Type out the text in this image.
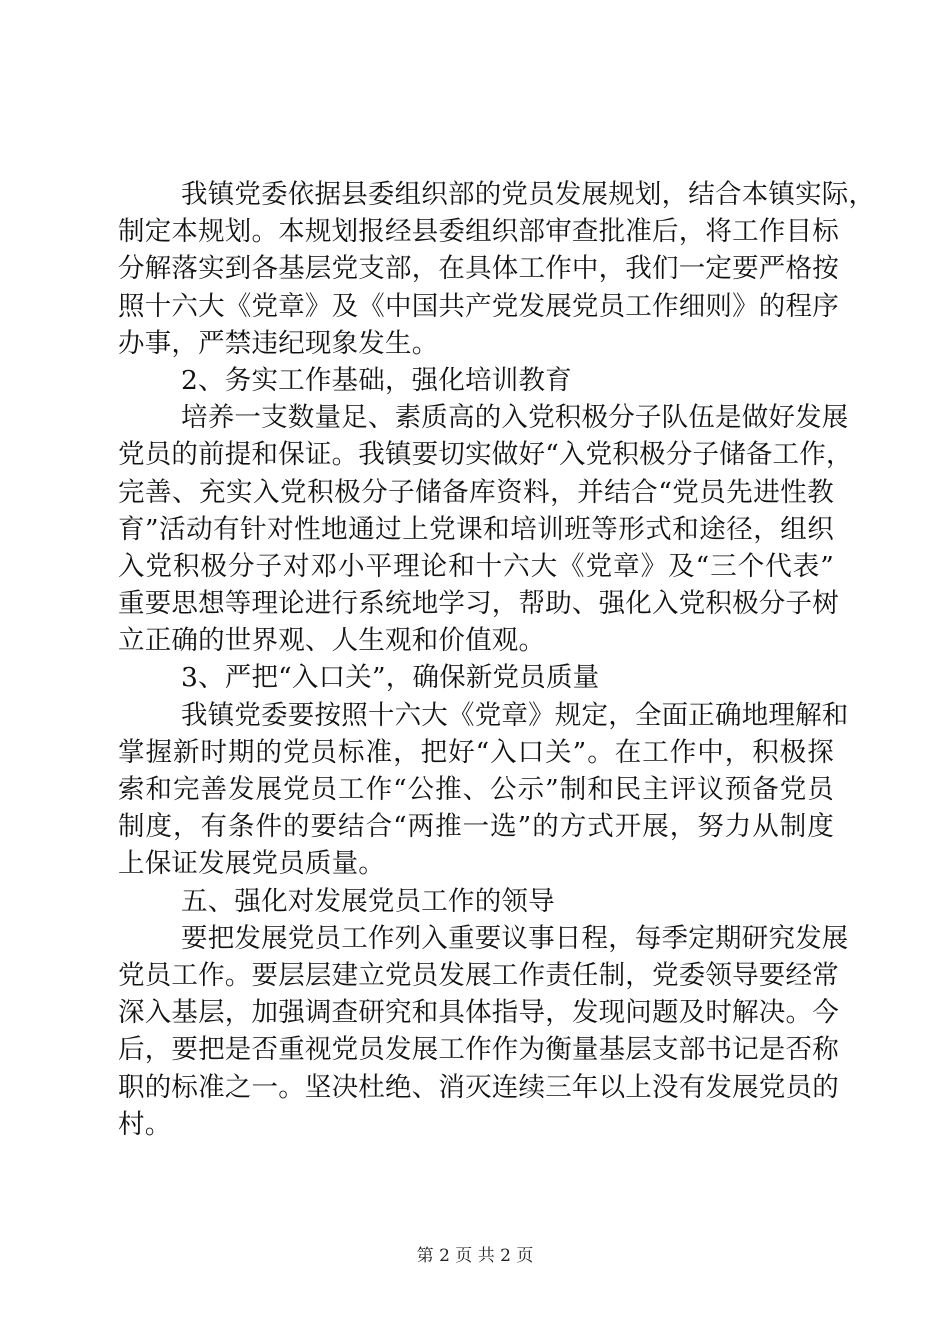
我镇党委依据县委组织部的党员发展规划，结合本镇实际，
制定本规划。本规划报经县委组织部审查批准后，将工作目标
分解落实到各基层党支部，在具体工作中，我们一定要严格按
照十六大《党章》及《中国共产党发展党员工作细则》的程序
办事，严禁违纪现象发生。
2、务实工作基础，强化培训教育
培养一支数量足、素质高的入党积极分子队伍是做好发展
党员的前提和保证。我镇要切实做好“入党积极分子储备工作，
完善、充实入党积极分子储备库资料，并结合“党员先进性教
育”活动有针对性地通过上党课和培训班等形式和途径，组织
入党积极分子对邓小平理论和十六大《党章》及“三个代表”
重要思想等理论进行系统地学习，帮助、强化入党积极分子树
立正确的世界观、人生观和价值观。
3、严把“入口关”，确保新党员质量
我镇党委要按照十六大《党章》规定，全面正确地理解和
掌握新时期的党员标准，把好“入口关”。在工作中，积极探
索和完善发展党员工作“公推、公示”制和民主评议预备党员
制度，有条件的要结合“两推一选”的方式开展，努力从制度
上保证发展党员质量。
五、强化对发展党员工作的领导
要把发展党员工作列入重要议事日程，每季定期研究发展
党员工作。要层层建立党员发展工作责任制，党委领导要经常
深入基层，加强调查研究和具体指导，发现问题及时解决。今
后，要把是否重视党员发展工作作为衡量基层支部书记是否称
职的标准之一。坚决杜绝、消灭连续三年以上没有发展党员的
村。
第 2 页 共 2 页
